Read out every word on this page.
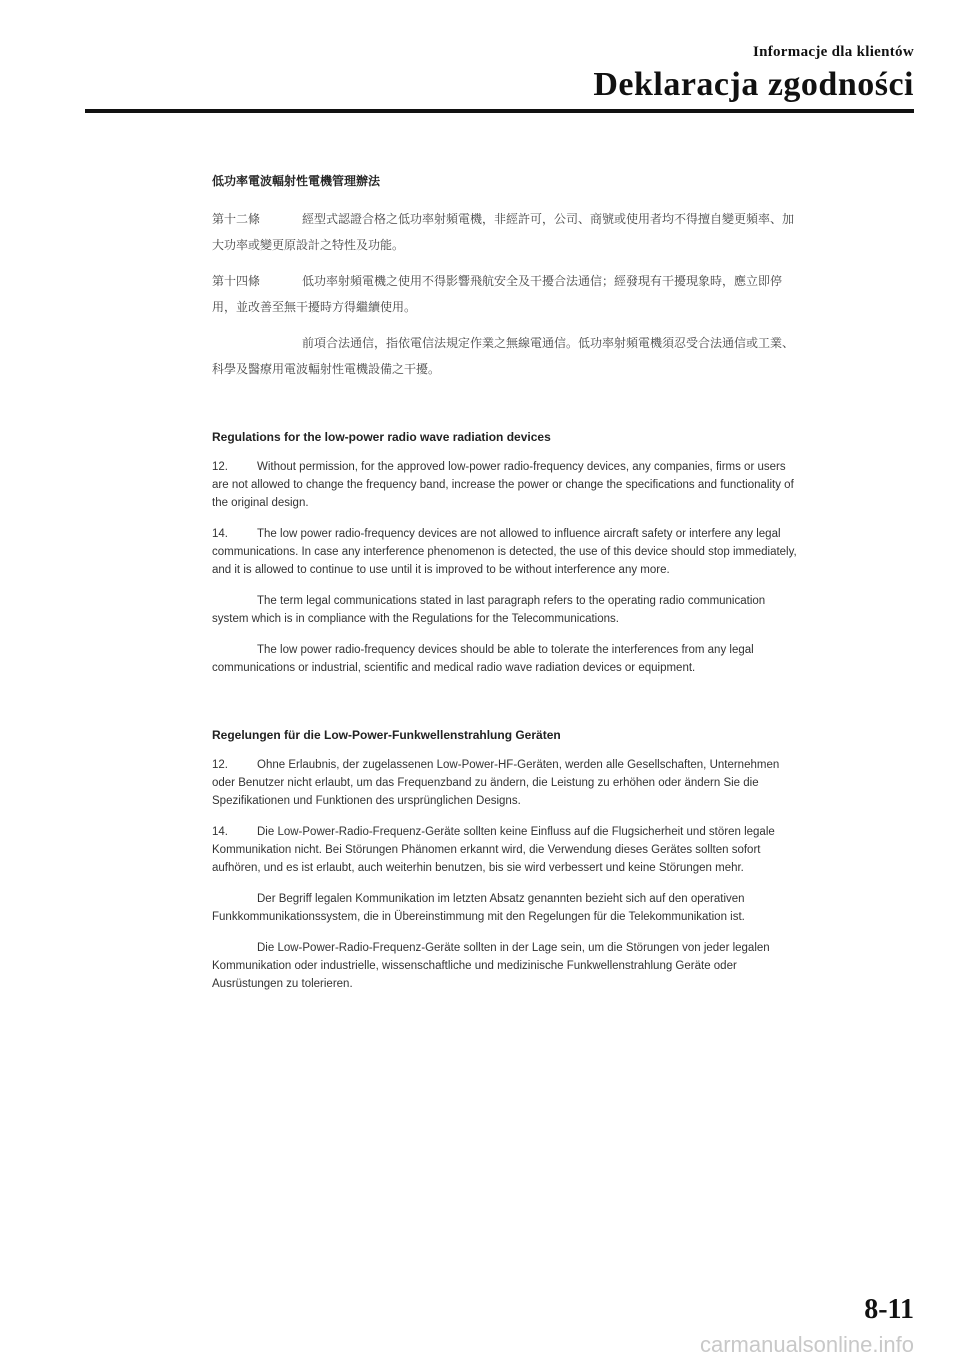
Informacje dla klientów
Deklaracja zgodności
低功率電波輻射性電機管理辦法

第十二條	經型式認證合格之低功率射頻電機，非經許可，公司、商號或使用者均不得擅自變更頻率、加大功率或變更原設計之特性及功能。

第十四條	低功率射頻電機之使用不得影響飛航安全及干擾合法通信；經發現有干擾現象時，應立即停用，並改善至無干擾時方得繼續使用。

前項合法通信，指依電信法規定作業之無線電通信。低功率射頻電機須忍受合法通信或工業、科學及醫療用電波輻射性電機設備之干擾。

Regulations for the low-power radio wave radiation devices

12.	Without permission, for the approved low-power radio-frequency devices, any companies, firms or users are not allowed to change the frequency band, increase the power or change the specifications and functionality of the original design.

14.	The low power radio-frequency devices are not allowed to influence aircraft safety or interfere any legal communications. In case any interference phenomenon is detected, the use of this device should stop immediately, and it is allowed to continue to use until it is improved to be without interference any more.

The term legal communications stated in last paragraph refers to the operating radio communication system which is in compliance with the Regulations for the Telecommunications.

The low power radio-frequency devices should be able to tolerate the interferences from any legal communications or industrial, scientific and medical radio wave radiation devices or equipment.

Regelungen für die Low-Power-Funkwellenstrahlung Geräten

12.	Ohne Erlaubnis, der zugelassenen Low-Power-HF-Geräten, werden alle Gesellschaften, Unternehmen oder Benutzer nicht erlaubt, um das Frequenzband zu ändern, die Leistung zu erhöhen oder ändern Sie die Spezifikationen und Funktionen des ursprünglichen Designs.

14.	Die Low-Power-Radio-Frequenz-Geräte sollten keine Einfluss auf die Flugsicherheit und stören legale Kommunikation nicht. Bei Störungen Phänomen erkannt wird, die Verwendung dieses Gerätes sollten sofort aufhören, und es ist erlaubt, auch weiterhin benutzen, bis sie wird verbessert und keine Störungen mehr.

Der Begriff legalen Kommunikation im letzten Absatz genannten bezieht sich auf den operativen Funkkommunikationssystem, die in Übereinstimmung mit den Regelungen für die Telekommunikation ist.

Die Low-Power-Radio-Frequenz-Geräte sollten in der Lage sein, um die Störungen von jeder legalen Kommunikation oder industrielle, wissenschaftliche und medizinische Funkwellenstrahlung Geräte oder Ausrüstungen zu tolerieren.

8-11
carmanualsonline.info
